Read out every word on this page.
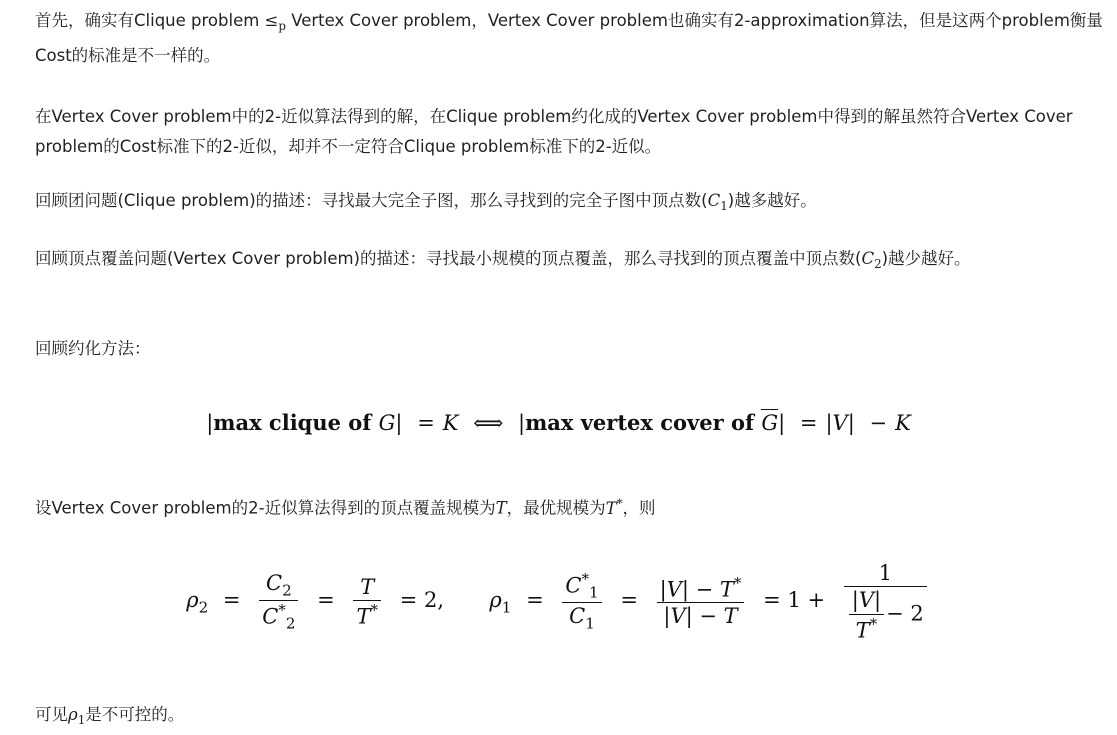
首先，确实有Clique problem $\le_p$ Vertex Cover problem，Vertex Cover problem也确实有2-approximation算法，但是这两个problem衡量Cost的标准是不一样的。

在Vertex Cover problem中的2-近似算法得到的解，在Clique problem约化成的Vertex Cover problem中得到的解虽然符合Vertex Cover problem的Cost标准下的2-近似，却并不一定符合Clique problem标准下的2-近似。

回顾团问题(Clique problem)的描述：寻找最大完全子图，那么寻找到的完全子图中顶点数$(C_1)$越多越好。

回顾顶点覆盖问题(Vertex Cover problem)的描述：寻找最小规模的顶点覆盖，那么寻找到的顶点覆盖中顶点数$(C_2)$越少越好。

回顾约化方法：

|max clique of G| = K ⟺ |max vertex cover of G| = |V| − K

设Vertex Cover problem的2-近似算法得到的顶点覆盖规模为T，最优规模为T*，则

$\rho_2 = \frac{C_2}{C^*_2} = \frac{T}{T^*} = 2$, $\rho_1 = \frac{C^*_1}{C_1} = \frac{|V| - T^*}{|V| - T} = 1 + \frac{1}{\frac{|V|}{T^*} - 2}$

可见$\rho_1$是不可控的。
